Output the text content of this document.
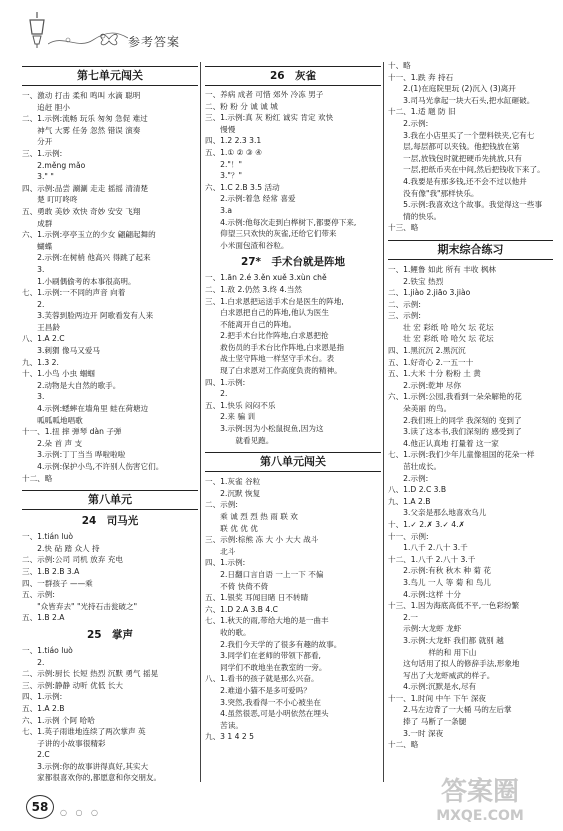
参考答案
第七单元闯关

一、激动 打击 柔和 鸣叫 水滴 聪明

　　追赶 胆小

二、1.示例:流畅 玩乐 匆匆 急促 难过

　　神气 大雾 任务 忽然 错误 演奏

　　分开

三、1.示例:

　　2.měng mǎo

　　3." "

四、示例:品尝 涮涮 走走 摇摇 清清楚

　　楚 叮叮咚咚

五、勇敢 美妙 欢快 奇妙 安安 飞翔

　　成群

六、1.示例:亭亭玉立的少女 翩翩起舞的

　　蝴蝶

　　2.示例:在树梢 他高兴 得跳了起来

　　3.

　　1.小刷偶偷考的本事很高明。

七、1.示例:一不同的声音 向着

　　2.

　　3.芙蓉到脸两边开 阿歌看发有人来

　　王昌龄

八、1.A 2.C

　　3.刺猬 像马又爱马

九、1.3 2.

十、1.小鸟 小虫 蝈蝈

　　2.动物是大自然的歌手。

　　3.

　　4.示例:蟋蟀在墙角里 蛙在荷塘边

　　呱呱呱地唱歌

十一、1.扭 摔 弹琴 dàn 子弹

　　2.朵 首 声 支

　　3.示例:丁丁当当 哗啦啦啦

　　4.示例:保护小鸟,不许别人伤害它们。

十二、略

第八单元
24　司马光

一、1.tián luò

　　2.快 砧 踏 众人 持

二、示例:公司 司机 放弃 充电

三、1.B 2.B 3.A

四、一群孩子 ——乘

五、示例:

　　"众皆弃去" "光持石击瓮破之"

五、1.B 2.A

25　掌声

一、1.tiáo luò

　　2.

二、示例:厨长 长短 热烈 沉默 勇气 摇晃

三、示例:静静 动听 优低 长大

四、1.示例:

五、1.A 2.B

六、1.示例 个阿 哈哈

七、1.英子雨谁地连续了两次掌声 英

　　子讲的小故事很精彩

　　2.C

　　3.示例:你的故事讲得真好,其实大

　　家都很喜欢你的,都愿意和你交朋友。

26　灰雀

一、养病 成者 可惜 郊外 冷冻 男子

二、粉 粉 分 诚 诚 城

三、1.示例:真 灰 粉红 诚实 肯定 欢快

　　慢慢

四、1.2 2.3 3.1

五、1.① ② ③ ④

　　2."！"

　　3."？"

六、1.C 2.B 3.5 活动

　　2.示例:着急 经常 喜爱

　　3.a

　　4.示例:他每次走到白桦树下,都要停下来,

　　仰望三只欢快的灰雀,还给它们带来

　　小米面包渣和谷粒。

27*　手术台就是阵地

一、1.ān 2.é 3.ěn xuě 3.xùn chě

二、1.敌 2.仍然 3.终 4.当然

三、1.白求恩把运送手术台是医生的阵地,

　　白求恩把自己的阵地,他认为医生

　　不能离开自己的阵地。

　　2.把手术台比作阵地,白求恩把抢

　　救伤员的手术台比作阵地,白求恩是指

　　战士坚守阵地一样坚守手术台。表

　　现了白求恩对工作高度负责的精神。

四、1.示例:

　　2.

五、1.快乐 闷闷不乐

　　2.来 骗 训

　　3.示例:因为小松鼠捉鱼,因为这

　　　　就看见跑。

第八单元闯关

一、1.灰雀 谷粒

　　2.沉默 恢复

二、示例:

　　乘 诚 烈 烈 热 雨 联 欢

　　联 优 优 优

三、示例:棕熊 冻 大 小 大大 战斗

　　北斗

四、1.示例:

　　2.日翻口言自语 一上一下 不偏

　　不倚 快倚不倚

五、1.银奖 耳闻目睹 日不转睛

六、1.D 2.A 3.B 4.C

七、1.秋天的雨,带给大地的是一曲丰

　　收的歌。

　　2.我们今天学的了很多有趣的故事。

　　3.同学们在老师的带领下都看,

　　同学们不敢地坐在教室的一旁。

八、1.看书的孩子就是那么兴奋。

　　2.难道小猫不是多可爱吗？

　　3.突然,我看得一不小心被坐在

　　4.虽然很恶,可是小明依然在埋头

　　苦读。

九、3 1 4 2 5

十、略

十一、1.跌 奔 持石

　　2.(1)在庭院里玩 (2)沉入 (3)离开

　　3.司马光拿起一块大石头,把水缸砸破。

十二、1.适 题 防 旧

　　2.示例:

　　3.我在小店里买了一个塑料铁夹,它有七

　　层,每层都可以夹钱。他把钱放在第

　　一层,放钱包时就把硬币先挑放,只有

　　一层,把纸币夹在中间,然后把钱收下来了。

　　4.我要是有那多钱,还不会不过以他并

　　没有像"我"那样快乐。

　　5.示例:我喜欢这个故事。我觉得这一些事

　　情的快乐。

十三、略

期末综合练习

一、1.鲤鲁 如此 所有 丰收 枫林

　　2.铁宝 热烈

二、1.jiào 2.jiāo 3.jiào

二、示例:

三、示例:

　　壮 宏 彩纸 哈 哈欠 坛 花坛

　　壮 宏 彩纸 哈 哈欠 坛 花坛

四、1.黑沉沉 2.黑沉沉

五、1.好奇心 2.一五一十

五、1.大米 十分 粉粉 土 黄

　　2.示例:乾坤 尽你

六、1.示例:公园,我看到一朵朵解艳的花

　　朵美丽 的鸟。

　　2.我们班上的同学 我深刻的 变到了

　　3.读了这本书,我们深刻的 感受到了

　　4.他正认真地 打量着 这一家

七、1.示例:我们少年儿童像祖国的花朵一样

　　茁壮成长。

　　2.示例:

八、1.D 2.C 3.B

九、1.A 2.B

　　3.父亲是那么地喜欢乌儿

十、1.✓ 2.✗ 3.✓ 4.✗

十一、示例:

　　1.八千 2.八十 3.千

十二、1.八千 2.八十 3.千

　　2.示例:有秋 秋木 种 菊 花

　　3.鸟儿 一人 等 菊 和 鸟儿

　　4.示例:这样 十分

十三、1.因为海底高低不平,一色彩纷繁

　　2.一

　　示例:大龙虾 龙虾

　　3.示例:大龙虾 我们都 就别 越

　　　　　 样的和 用下山

　　这句话用了拟人的修辞手法,形象地

　　写出了大龙虾威武的样子。

　　4.示例:沉默是水,尽有

十一、1.时间 中午 下午 深夜

　　2.马左边背了一大桶 马的左后掌

　　捧了 马断了一条腿

　　3.一时 深夜

十二、略

58	○ ○ ○
答案圈
MXQE.COM
